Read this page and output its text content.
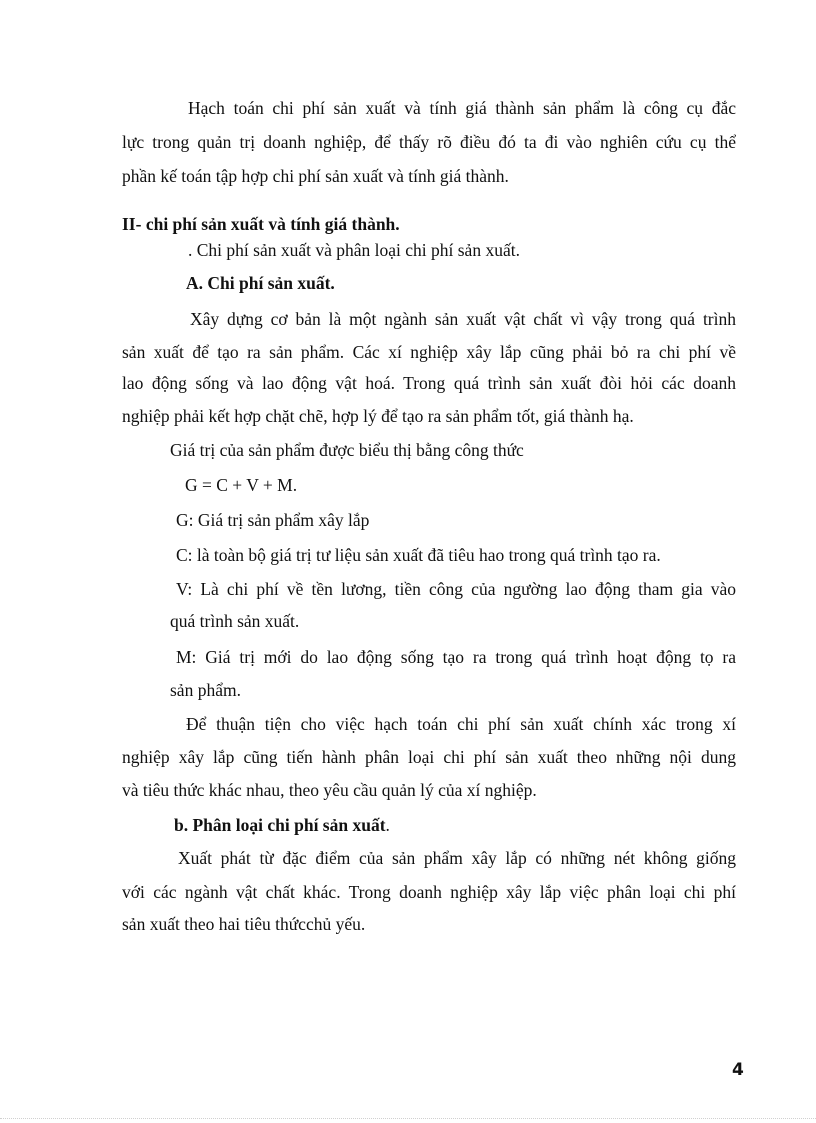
Hạch toán chi phí sản xuất và tính giá thành sản phẩm là công cụ đắc
lực trong quản trị doanh nghiệp, để thấy rõ điều đó ta đi vào nghiên cứu cụ thể
phần kế toán tập hợp chi phí sản xuất và tính giá thành.
II- chi phí sản xuất và tính giá thành.
. Chi phí sản xuất và phân loại chi phí sản xuất.
A. Chi phí sản xuất.
Xây dựng cơ bản là một ngành sản xuất vật chất vì vậy trong quá trình
sản xuất để tạo ra sản phẩm. Các xí nghiệp xây lắp cũng phải bỏ ra chi phí về
lao động sống và lao động vật hoá. Trong quá trình sản xuất đòi hỏi các doanh
nghiệp phải kết hợp chặt chẽ, hợp lý để tạo ra sản phẩm tốt, giá thành hạ.
Giá trị của sản phẩm được biểu thị bằng công thức
G = C + V + M.
G: Giá trị sản phẩm xây lắp
C: là toàn bộ giá trị tư liệu sản xuất đã tiêu hao trong quá trình tạo ra.
V: Là chi phí về tền lương, tiền công của ngường lao động tham gia vào
quá trình sản xuất.
M: Giá trị mới do lao động sống tạo ra trong quá trình hoạt động tọ ra
sản phẩm.
Để thuận tiện cho việc hạch toán chi phí sản xuất chính xác trong xí
nghiệp xây lắp cũng tiến hành phân loại chi phí sản xuất theo những nội dung
và tiêu thức khác nhau, theo yêu cầu quản lý của xí nghiệp.
b. Phân loại chi phí sản xuất.
Xuất phát từ đặc điểm của sản phẩm xây lắp có những nét không giống
với các ngành vật chất khác. Trong doanh nghiệp xây lắp việc phân loại chi phí
sản xuất theo hai tiêu thứcchủ yếu.
4
